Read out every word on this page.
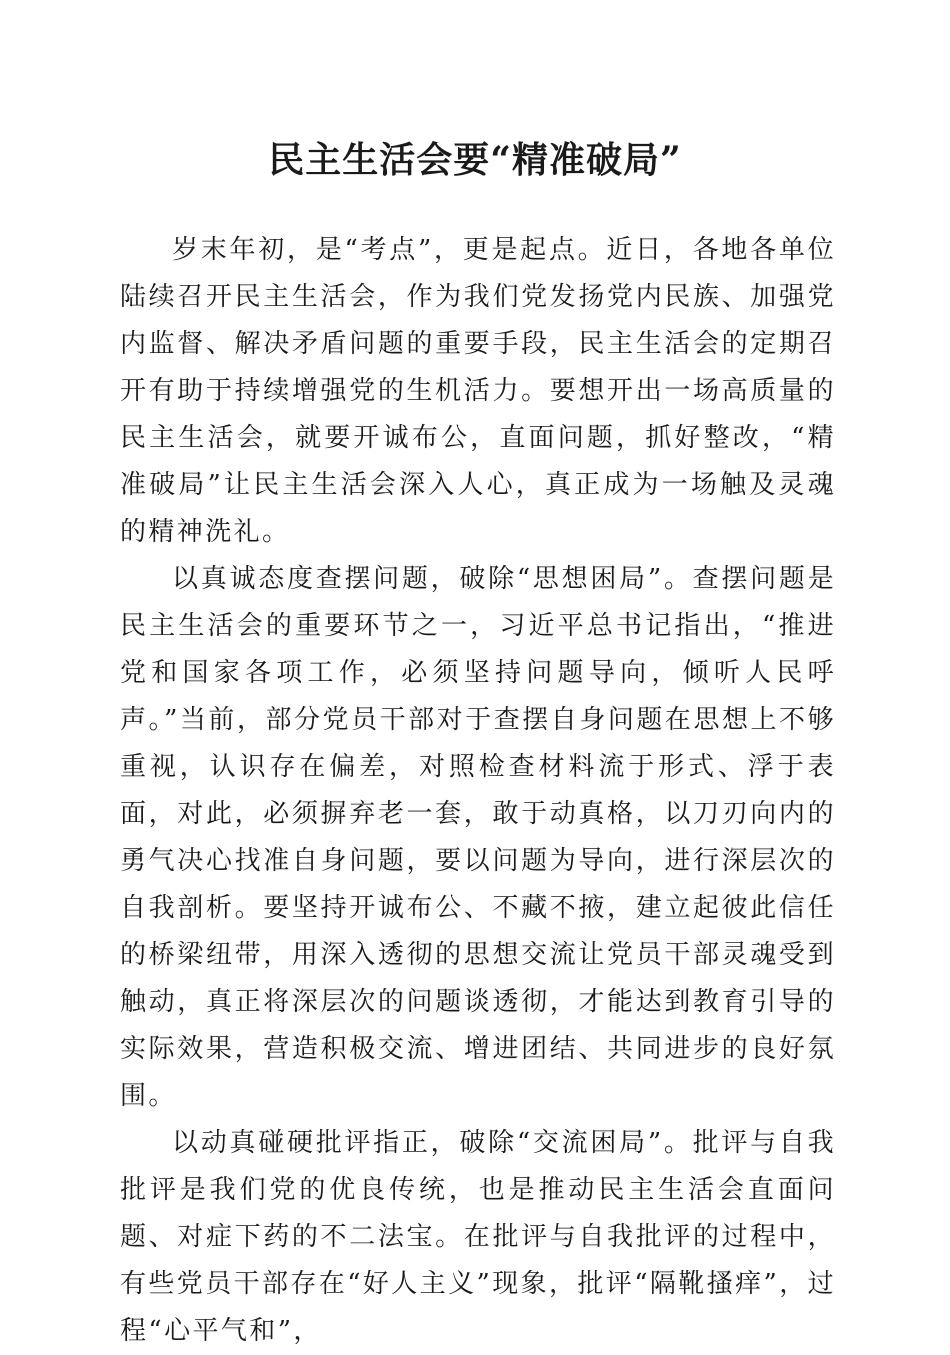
民主生活会要“精准破局”

岁末年初，是“考点”，更是起点。近日，各地各单位陆续召开民主生活会，作为我们党发扬党内民族、加强党内监督、解决矛盾问题的重要手段，民主生活会的定期召开有助于持续增强党的生机活力。要想开出一场高质量的民主生活会，就要开诚布公，直面问题，抓好整改，“精准破局”让民主生活会深入人心，真正成为一场触及灵魂的精神洗礼。

以真诚态度查摆问题，破除“思想困局”。查摆问题是民主生活会的重要环节之一，习近平总书记指出，“推进党和国家各项工作，必须坚持问题导向，倾听人民呼声。”当前，部分党员干部对于查摆自身问题在思想上不够重视，认识存在偏差，对照检查材料流于形式、浮于表面，对此，必须摒弃老一套，敢于动真格，以刀刃向内的勇气决心找准自身问题，要以问题为导向，进行深层次的自我剖析。要坚持开诚布公、不藏不掖，建立起彼此信任的桥梁纽带，用深入透彻的思想交流让党员干部灵魂受到触动，真正将深层次的问题谈透彻，才能达到教育引导的实际效果，营造积极交流、增进团结、共同进步的良好氛围。

以动真碰硬批评指正，破除“交流困局”。批评与自我批评是我们党的优良传统，也是推动民主生活会直面问题、对症下药的不二法宝。在批评与自我批评的过程中，有些党员干部存在“好人主义”现象，批评“隔靴搔痒”，过程“心平气和”，
